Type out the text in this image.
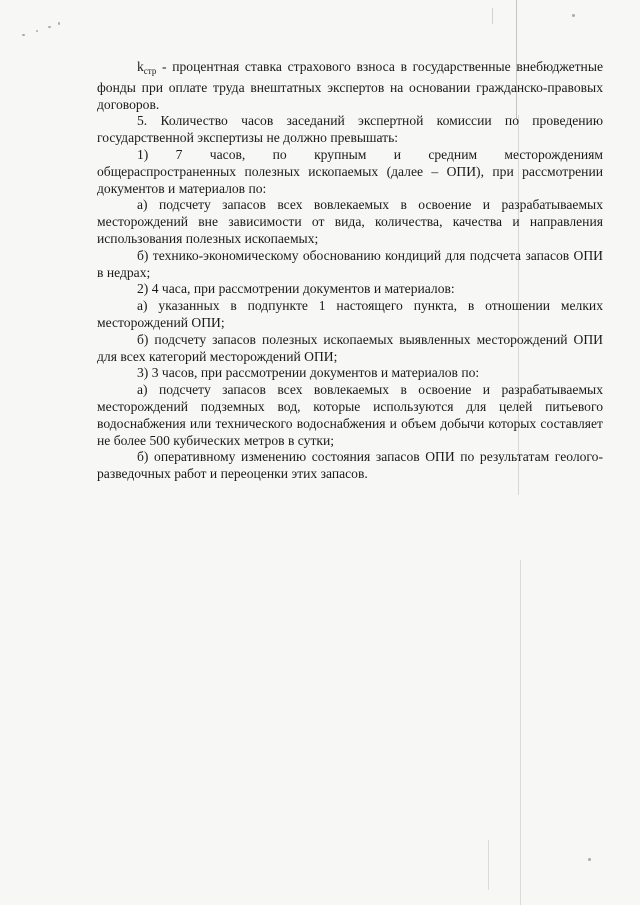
$k_{стр}$ - процентная ставка страхового взноса в государственные внебюджетные фонды при оплате труда внештатных экспертов на основании гражданско-правовых договоров.

5. Количество часов заседаний экспертной комиссии по проведению государственной экспертизы не должно превышать:

1) 7 часов, по крупным и средним месторождениям

общераспространенных полезных ископаемых (далее – ОПИ), при рассмотрении документов и материалов по:

а) подсчету запасов всех вовлекаемых в освоение и разрабатываемых месторождений вне зависимости от вида, количества, качества и направления использования полезных ископаемых;

б) технико-экономическому обоснованию кондиций для подсчета запасов ОПИ в недрах;

2) 4 часа, при рассмотрении документов и материалов:

а) указанных в подпункте 1 настоящего пункта, в отношении мелких месторождений ОПИ;

б) подсчету запасов полезных ископаемых выявленных месторождений ОПИ для всех категорий месторождений ОПИ;

3) 3 часов, при рассмотрении документов и материалов по:

а) подсчету запасов всех вовлекаемых в освоение и разрабатываемых месторождений подземных вод, которые используются для целей питьевого водоснабжения или технического водоснабжения и объем добычи которых составляет не более 500 кубических метров в сутки;

б) оперативному изменению состояния запасов ОПИ по результатам геолого-разведочных работ и переоценки этих запасов.
